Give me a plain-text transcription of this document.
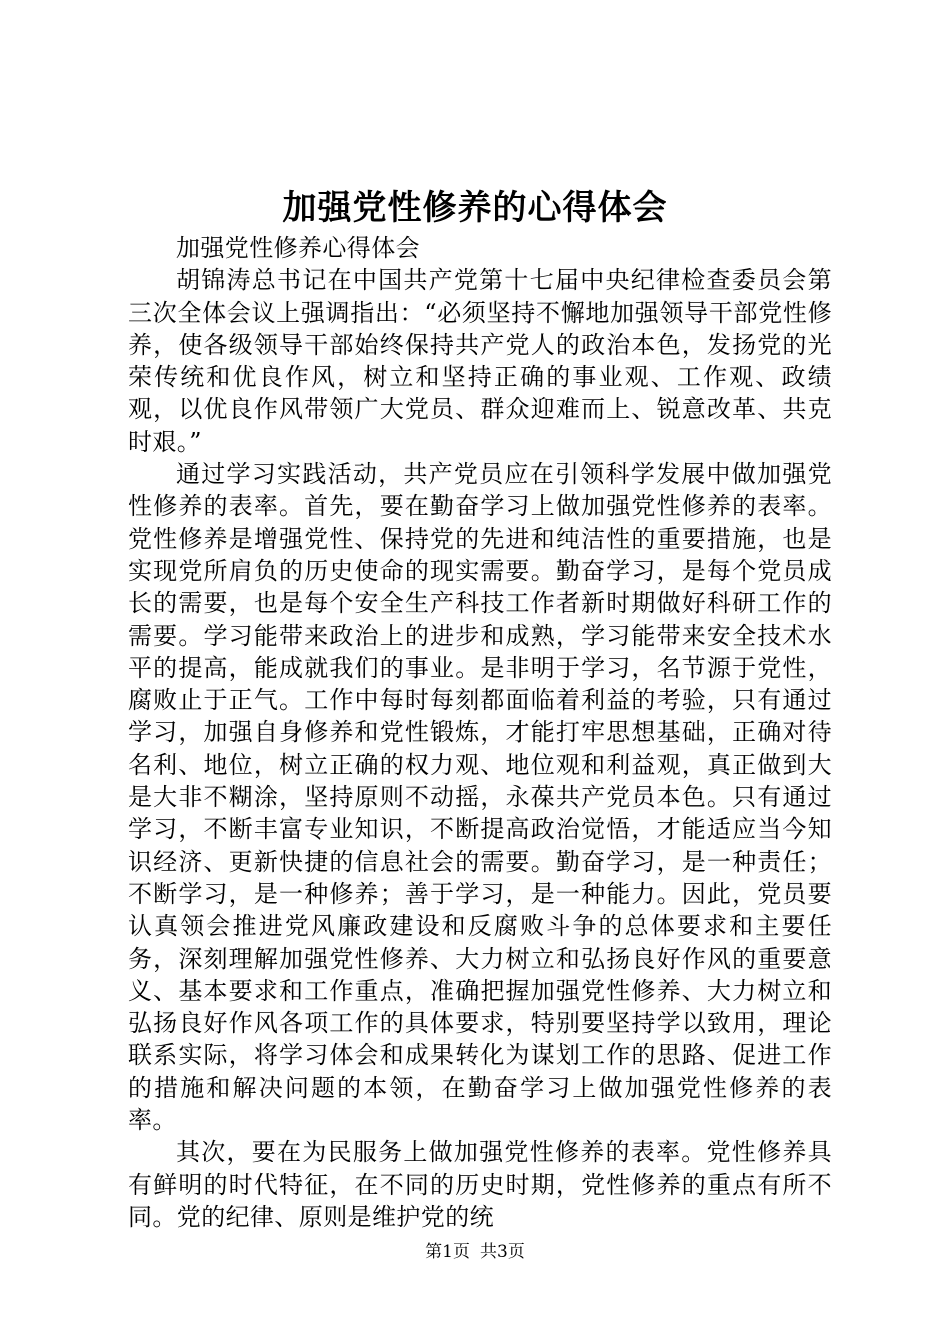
加强党性修养的心得体会

加强党性修养心得体会

胡锦涛总书记在中国共产党第十七届中央纪律检查委员会第三次全体会议上强调指出：“必须坚持不懈地加强领导干部党性修养，使各级领导干部始终保持共产党人的政治本色，发扬党的光荣传统和优良作风，树立和坚持正确的事业观、工作观、政绩观，以优良作风带领广大党员、群众迎难而上、锐意改革、共克时艰。”

通过学习实践活动，共产党员应在引领科学发展中做加强党性修养的表率。首先，要在勤奋学习上做加强党性修养的表率。党性修养是增强党性、保持党的先进和纯洁性的重要措施，也是实现党所肩负的历史使命的现实需要。勤奋学习，是每个党员成长的需要，也是每个安全生产科技工作者新时期做好科研工作的需要。学习能带来政治上的进步和成熟，学习能带来安全技术水平的提高，能成就我们的事业。是非明于学习，名节源于党性，腐败止于正气。工作中每时每刻都面临着利益的考验，只有通过学习，加强自身修养和党性锻炼，才能打牢思想基础，正确对待名利、地位，树立正确的权力观、地位观和利益观，真正做到大是大非不糊涂，坚持原则不动摇，永葆共产党员本色。只有通过学习，不断丰富专业知识，不断提高政治觉悟，才能适应当今知识经济、更新快捷的信息社会的需要。勤奋学习，是一种责任；不断学习，是一种修养；善于学习，是一种能力。因此，党员要认真领会推进党风廉政建设和反腐败斗争的总体要求和主要任务，深刻理解加强党性修养、大力树立和弘扬良好作风的重要意义、基本要求和工作重点，准确把握加强党性修养、大力树立和弘扬良好作风各项工作的具体要求，特别要坚持学以致用，理论联系实际，将学习体会和成果转化为谋划工作的思路、促进工作的措施和解决问题的本领，在勤奋学习上做加强党性修养的表率。

其次，要在为民服务上做加强党性修养的表率。党性修养具有鲜明的时代特征，在不同的历史时期，党性修养的重点有所不同。党的纪律、原则是维护党的统

第1页 共3页
